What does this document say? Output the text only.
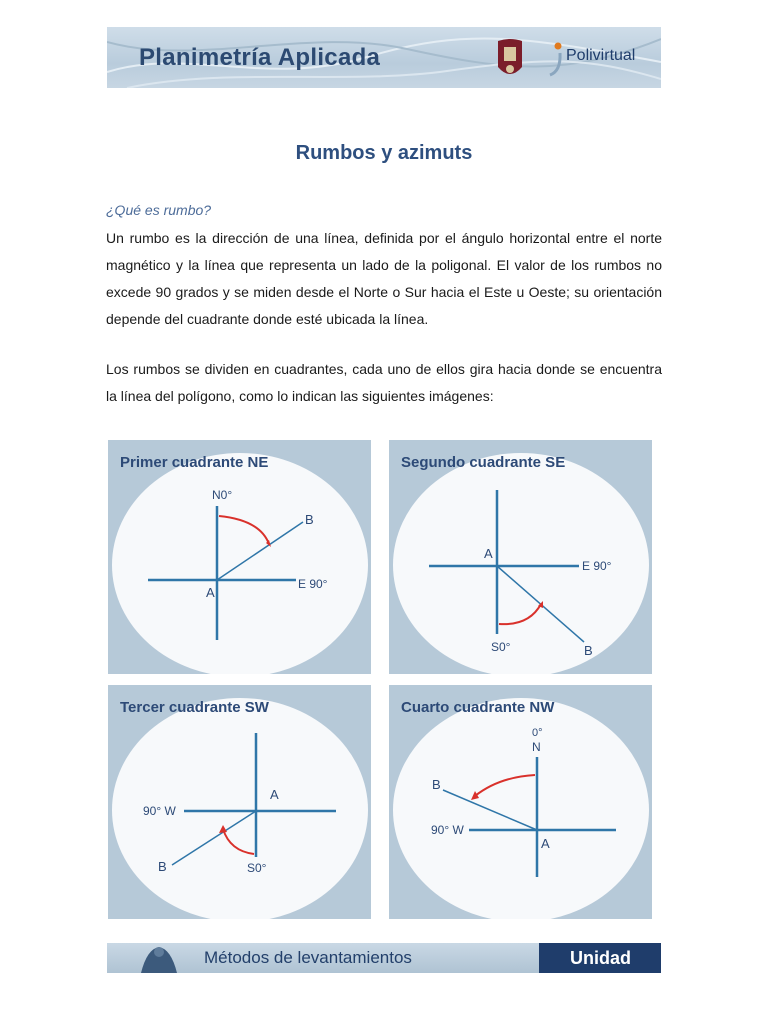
Planimetría Aplicada	Polivirtual
Rumbos y azimuts
¿Qué es rumbo?

Un rumbo es la dirección de una línea, definida por el ángulo horizontal entre el norte magnético y la línea que representa un lado de la poligonal. El valor de los rumbos no excede 90 grados y se miden desde el Norte o Sur hacia el Este u Oeste; su orientación depende del cuadrante donde esté ubicada la línea.

Los rumbos se dividen en cuadrantes, cada uno de ellos gira hacia donde se encuentra la línea del polígono, como lo indican las siguientes imágenes:

Primer cuadrante NE
N0°
E 90°
A
B
Segundo cuadrante SE
S0°
E 90°
A
B
Tercer cuadrante SW
90° W
S0°
A
B
Cuarto cuadrante NW
0°
N
90° W
A
B
Métodos de levantamientos	Unidad
